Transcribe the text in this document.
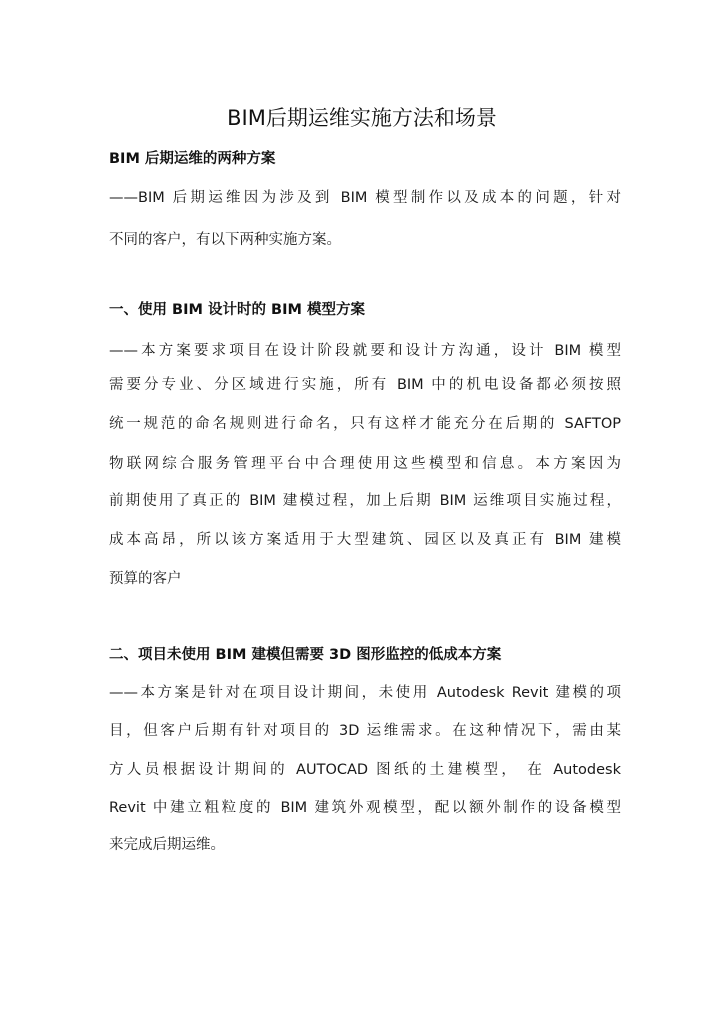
BIM后期运维实施方法和场景
BIM 后期运维的两种方案
——BIM 后期运维因为涉及到 BIM 模型制作以及成本的问题，针对
不同的客户，有以下两种实施方案。
一、使用 BIM 设计时的 BIM 模型方案
——本方案要求项目在设计阶段就要和设计方沟通，设计 BIM 模型
需要分专业、分区域进行实施，所有 BIM 中的机电设备都必须按照
统一规范的命名规则进行命名，只有这样才能充分在后期的 SAFTOP
物联网综合服务管理平台中合理使用这些模型和信息。本方案因为
前期使用了真正的 BIM 建模过程，加上后期 BIM 运维项目实施过程，
成本高昂，所以该方案适用于大型建筑、园区以及真正有 BIM 建模
预算的客户
二、项目未使用 BIM 建模但需要 3D 图形监控的低成本方案
——本方案是针对在项目设计期间，未使用 Autodesk Revit 建模的项
目，但客户后期有针对项目的 3D 运维需求。在这种情况下，需由某
方人员根据设计期间的 AUTOCAD 图纸的土建模型， 在 Autodesk
Revit 中建立粗粒度的 BIM 建筑外观模型，配以额外制作的设备模型
来完成后期运维。
